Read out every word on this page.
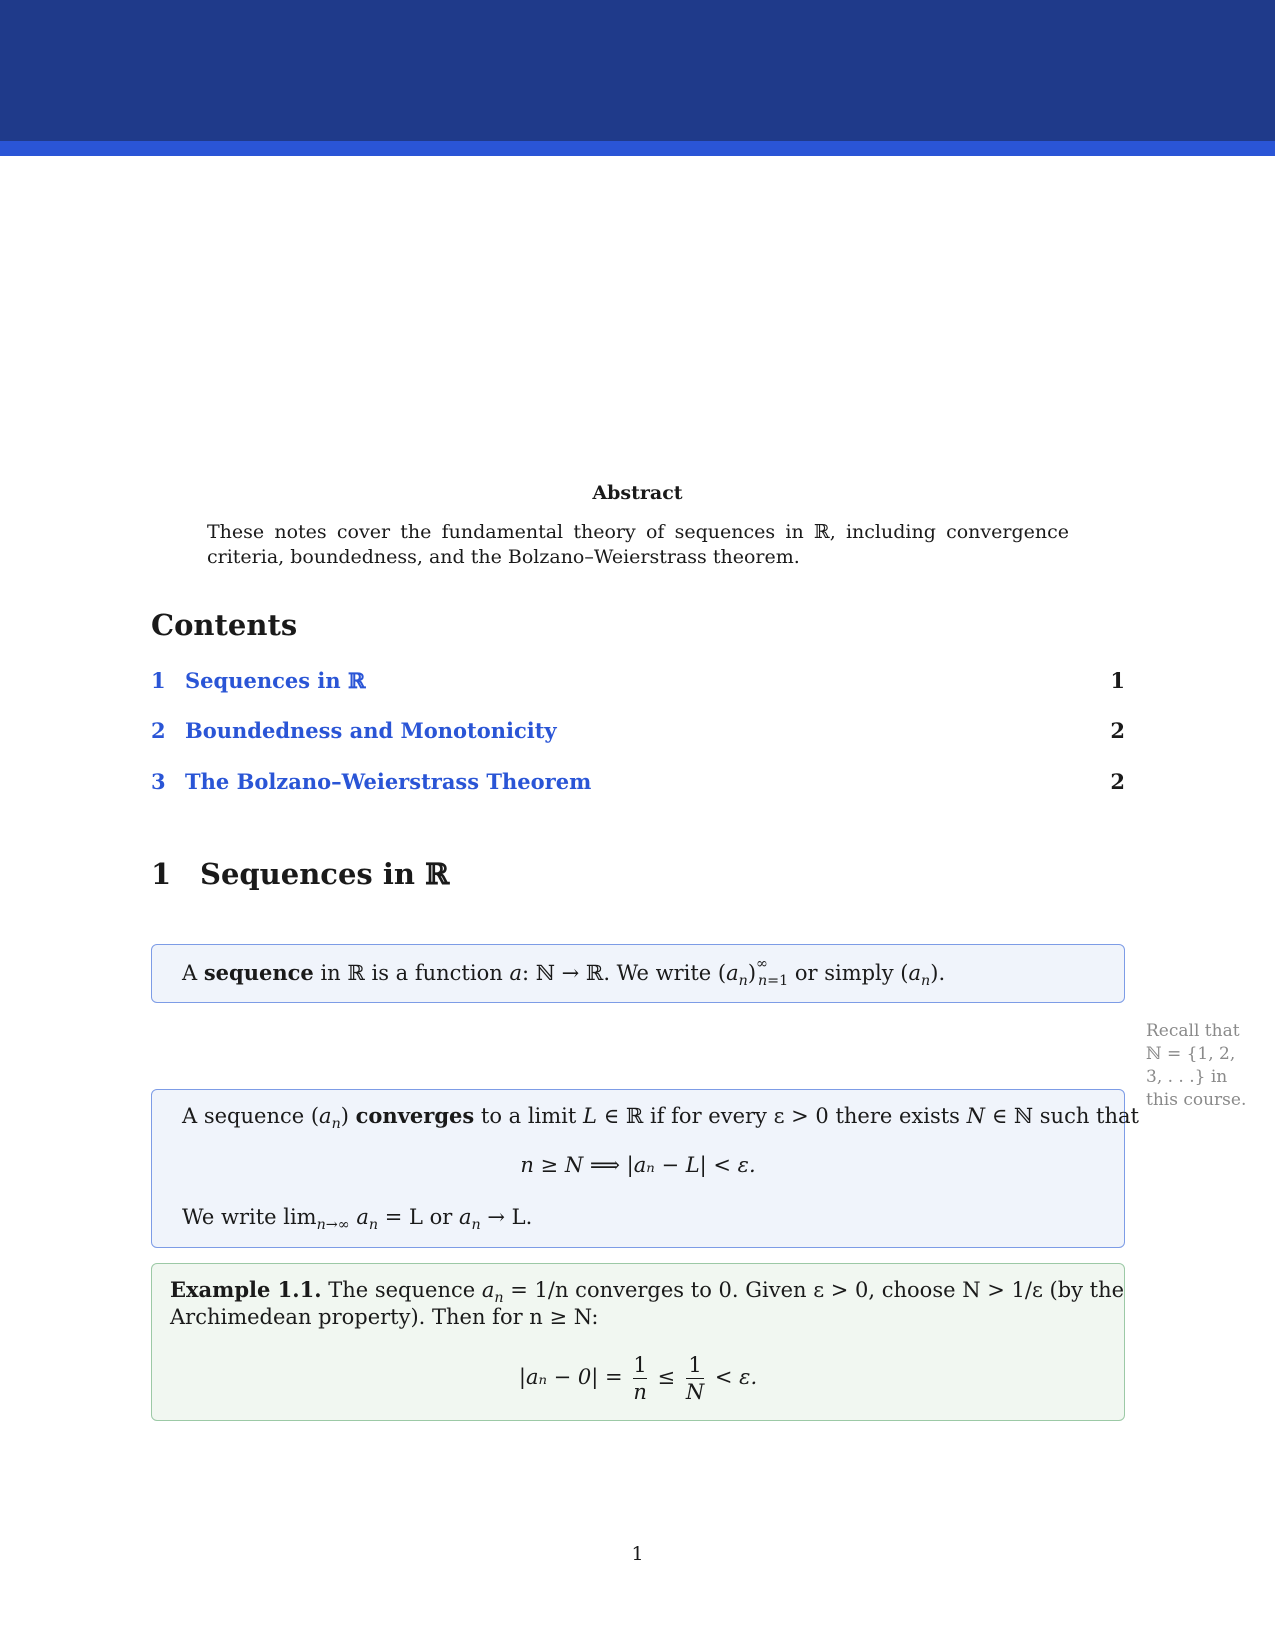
Abstract
These notes cover the fundamental theory of sequences in ℝ, including convergence criteria, boundedness, and the Bolzano–Weierstrass theorem.
Contents
1 Sequences in ℝ	1
2 Boundedness and Monotonicity	2
3 The Bolzano–Weierstrass Theorem	2
1 Sequences in ℝ
A sequence in ℝ is a function a: ℕ → ℝ. We write $(a_n)^\infty_{n=1}$ or simply $(a_n)$.
Recall that ℕ = {1, 2, 3, . . .} in this course.
A sequence $(a_n)$ converges to a limit L ∈ ℝ if for every ε > 0 there exists N ∈ ℕ such that
n ≥ N ⟹ |aₙ − L| < ε.
We write $\lim_{n\to\infty} a_n = L$ or $a_n \to L$.
Example 1.1. The sequence $a_n = 1/n$ converges to 0. Given ε > 0, choose N > 1/ε (by the
Archimedean property). Then for n ≥ N:
$|a_n - 0| = \frac{1}{n} \le \frac{1}{N} < \varepsilon$.
1
